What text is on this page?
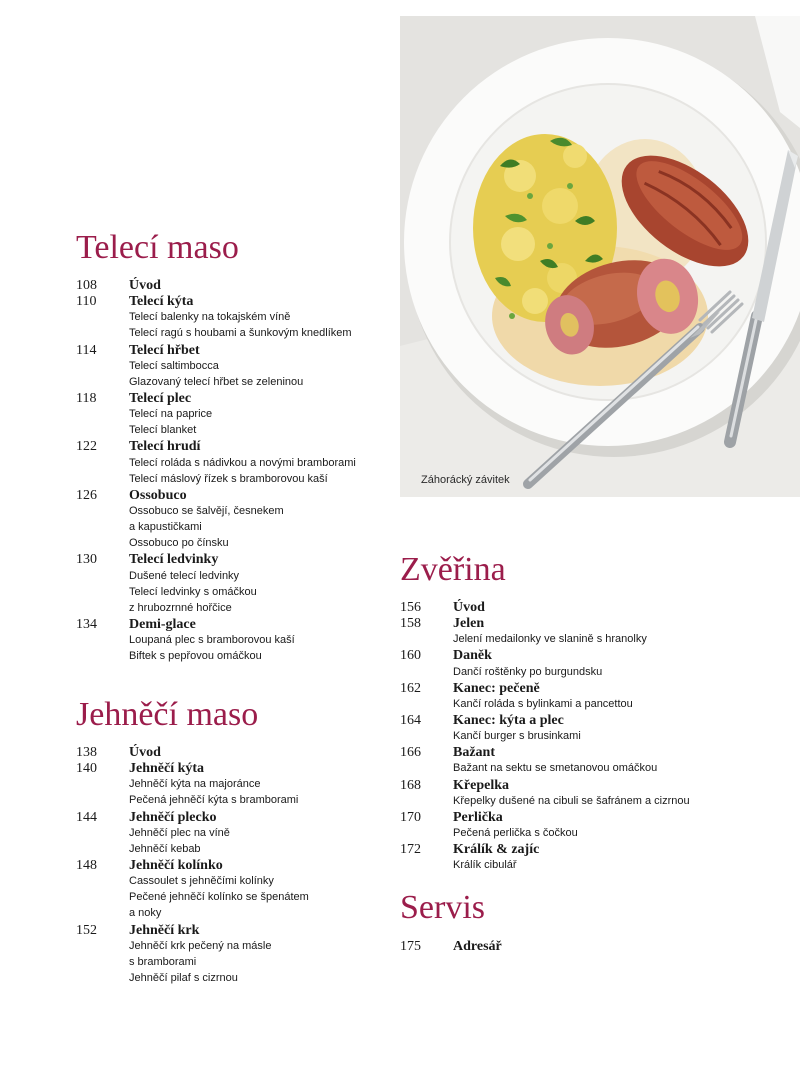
Telecí maso
108 Úvod
110 Telecí kýta
Telecí balenky na tokajském víně
Telecí ragú s houbami a šunkovým knedlíkem
114 Telecí hřbet
Telecí saltimbocca
Glazovaný telecí hřbet se zeleninou
118 Telecí plec
Telecí na paprice
Telecí blanket
122 Telecí hrudí
Telecí roláda s nádivkou a novými bramborami
Telecí máslový řízek s bramborovou kaší
126 Ossobuco
Ossobuco se šalvějí, česnekem
a kapustičkami
Ossobuco po čínsku
130 Telecí ledvinky
Dušené telecí ledvinky
Telecí ledvinky s omáčkou
z hrubozrnné hořčice
134 Demi-glace
Loupaná plec s bramborovou kaší
Biftek s pepřovou omáčkou
Jehněčí maso
138 Úvod
140 Jehněčí kýta
Jehněčí kýta na majoránce
Pečená jehněčí kýta s bramborami
144 Jehněčí plecko
Jehněčí plec na víně
Jehněčí kebab
148 Jehněčí kolínko
Cassoulet s jehněčími kolínky
Pečené jehněčí kolínko se špenátem
a noky
152 Jehněčí krk
Jehněčí krk pečený na másle
s bramborami
Jehněčí pilaf s cizrnou
Záhorácký závitek
Zvěřina
156 Úvod
158 Jelen
Jelení medailonky ve slanině s hranolky
160 Daněk
Dančí roštěnky po burgundsku
162 Kanec: pečeně
Kančí roláda s bylinkami a pancettou
164 Kanec: kýta a plec
Kančí burger s brusinkami
166 Bažant
Bažant na sektu se smetanovou omáčkou
168 Křepelka
Křepelky dušené na cibuli se šafránem a cizrnou
170 Perlička
Pečená perlička s čočkou
172 Králík & zajíc
Králík cibulář
Servis
175 Adresář
